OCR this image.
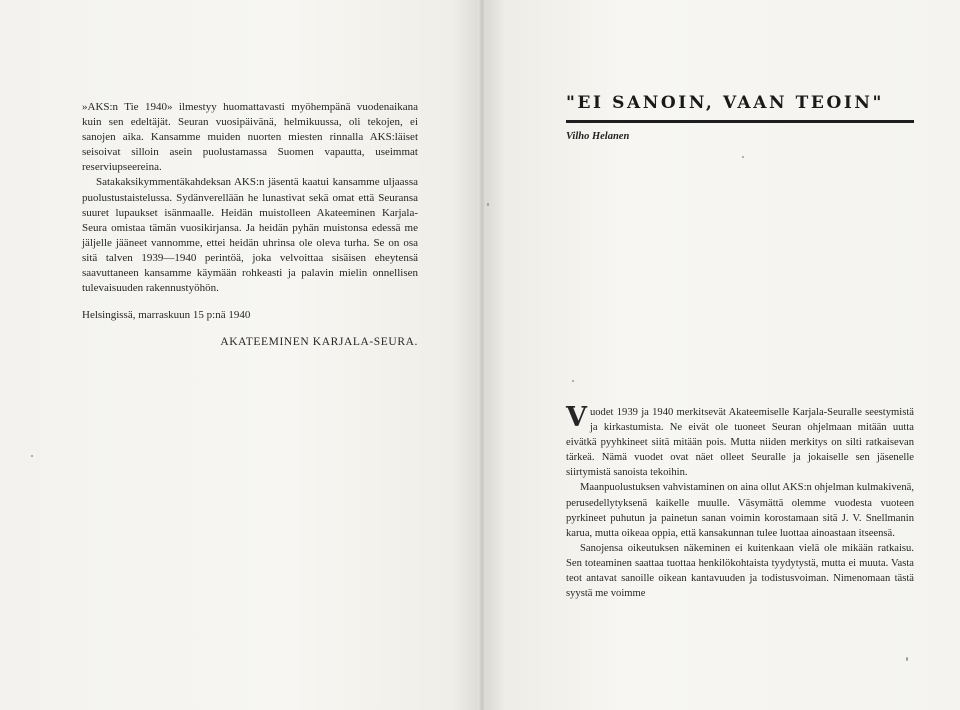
»AKS:n Tie 1940» ilmestyy huomattavasti myöhempänä vuodenaikana kuin sen edeltäjät. Seuran vuosipäivänä, helmikuussa, oli tekojen, ei sanojen aika. Kansamme muiden nuorten miesten rinnalla AKS:läiset seisoivat silloin asein puolustamassa Suomen vapautta, useimmat reserviupseereina.

Satakaksikymmentäkahdeksan AKS:n jäsentä kaatui kansamme uljaassa puolustustaistelussa. Sydänverellään he lunastivat sekä omat että Seuransa suuret lupaukset isänmaalle. Heidän muistolleen Akateeminen Karjala-Seura omistaa tämän vuosikirjansa. Ja heidän pyhän muistonsa edessä me jäljelle jääneet vannomme, ettei heidän uhrinsa ole oleva turha. Se on osa sitä talven 1939—1940 perintöä, joka velvoittaa sisäisen eheytensä saavuttaneen kansamme käymään rohkeasti ja palavin mielin onnellisen tulevaisuuden rakennustyöhön.

Helsingissä, marraskuun 15 p:nä 1940

AKATEEMINEN KARJALA-SEURA.

"EI SANOIN, VAAN TEOIN"
Vilho Helanen

Vuodet 1939 ja 1940 merkitsevät Akateemiselle Karjala-Seuralle seestymistä ja kirkastumista. Ne eivät ole tuoneet Seuran ohjelmaan mitään uutta eivätkä pyyhkineet siitä mitään pois. Mutta niiden merkitys on silti ratkaisevan tärkeä. Nämä vuodet ovat näet olleet Seuralle ja jokaiselle sen jäsenelle siirtymistä sanoista tekoihin.

Maanpuolustuksen vahvistaminen on aina ollut AKS:n ohjelman kulmakivenä, perusedellytyksenä kaikelle muulle. Väsymättä olemme vuodesta vuoteen pyrkineet puhutun ja painetun sanan voimin korostamaan sitä J. V. Snellmanin karua, mutta oikeaa oppia, että kansakunnan tulee luottaa ainoastaan itseensä.

Sanojensa oikeutuksen näkeminen ei kuitenkaan vielä ole mikään ratkaisu. Sen toteaminen saattaa tuottaa henkilökohtaista tyydytystä, mutta ei muuta. Vasta teot antavat sanoille oikean kantavuuden ja todistusvoiman. Nimenomaan tästä syystä me voimme
